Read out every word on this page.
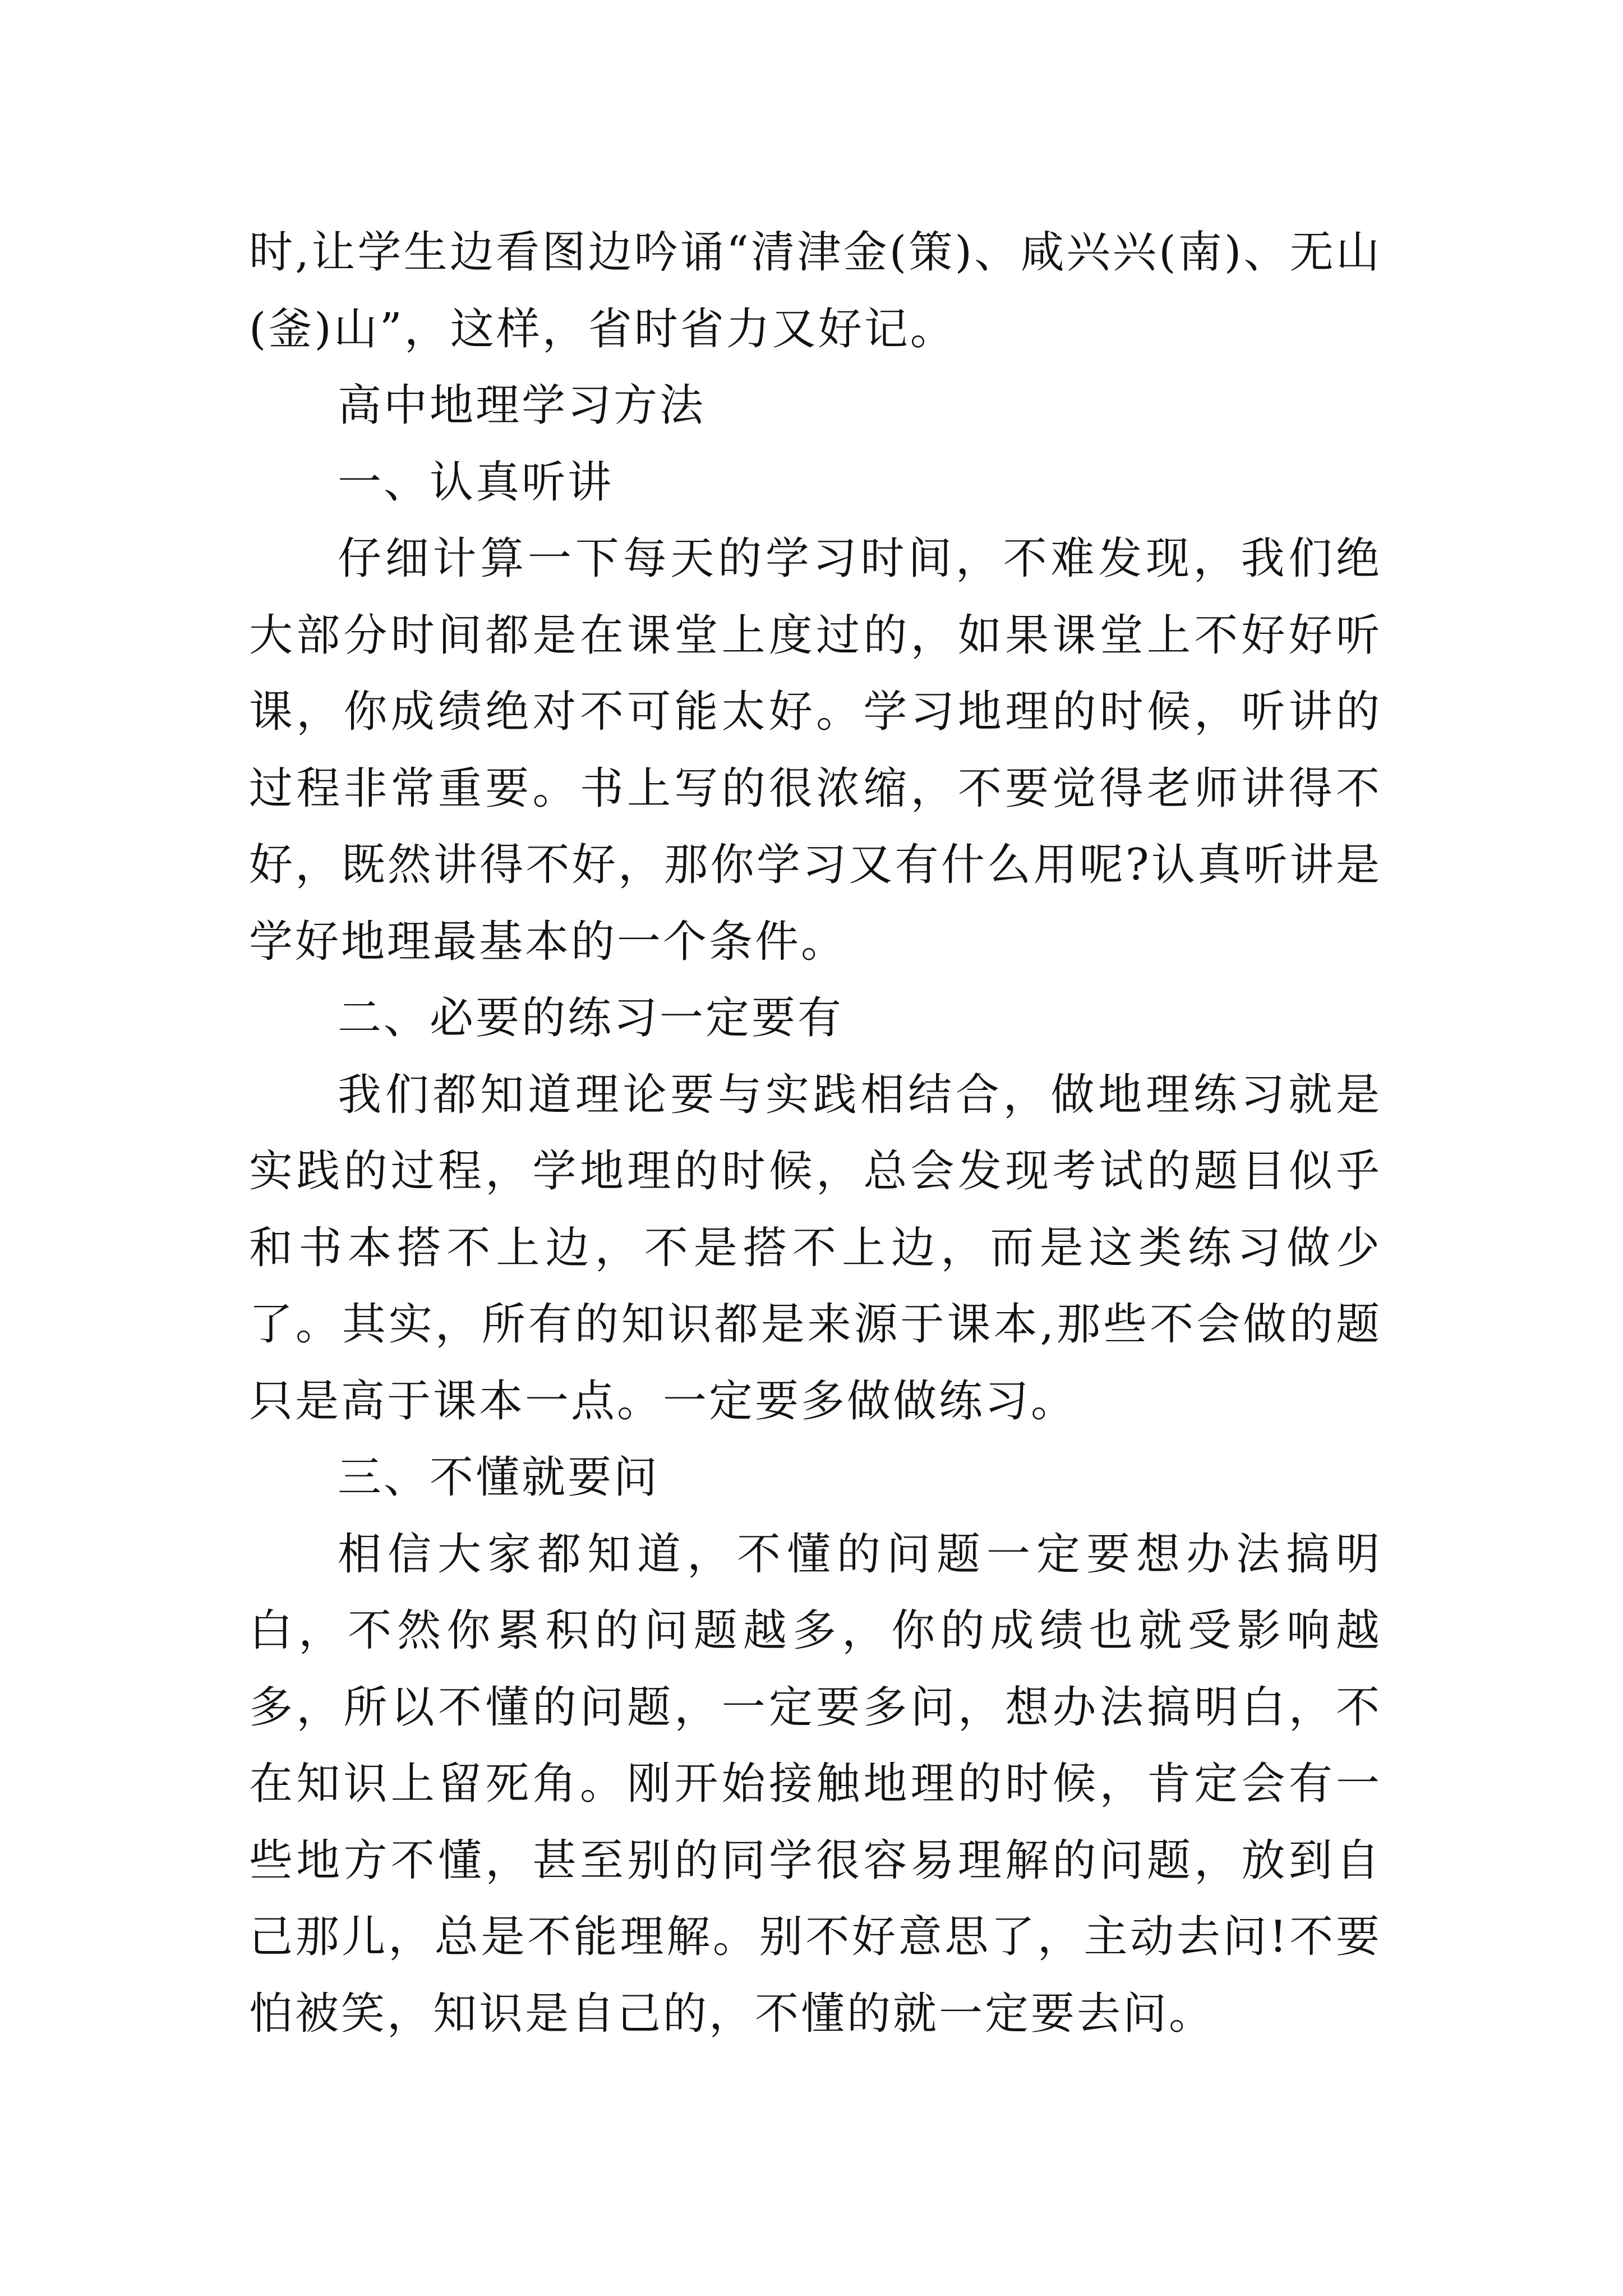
时,让学生边看图边吟诵“清津金(策)、咸兴兴(南)、无山(釜)山”，这样，省时省力又好记。

高中地理学习方法

一、认真听讲

仔细计算一下每天的学习时间，不难发现，我们绝大部分时间都是在课堂上度过的，如果课堂上不好好听课，你成绩绝对不可能太好。学习地理的时候，听讲的过程非常重要。书上写的很浓缩，不要觉得老师讲得不好，既然讲得不好，那你学习又有什么用呢?认真听讲是学好地理最基本的一个条件。

二、必要的练习一定要有

我们都知道理论要与实践相结合，做地理练习就是实践的过程，学地理的时候，总会发现考试的题目似乎和书本搭不上边，不是搭不上边，而是这类练习做少了。其实，所有的知识都是来源于课本,那些不会做的题只是高于课本一点。一定要多做做练习。

三、不懂就要问

相信大家都知道，不懂的问题一定要想办法搞明白，不然你累积的问题越多，你的成绩也就受影响越多，所以不懂的问题，一定要多问，想办法搞明白，不在知识上留死角。刚开始接触地理的时候，肯定会有一些地方不懂，甚至别的同学很容易理解的问题，放到自己那儿，总是不能理解。别不好意思了，主动去问!不要怕被笑，知识是自己的，不懂的就一定要去问。
